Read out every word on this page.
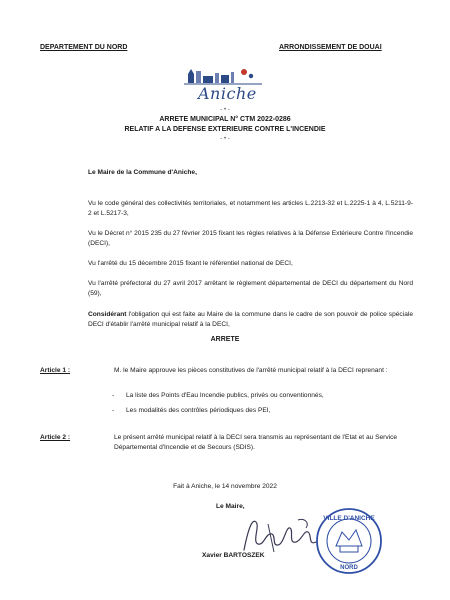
DEPARTEMENT DU NORD	ARRONDISSEMENT DE DOUAI
Aniche
- • -
ARRETE MUNICIPAL N° CTM 2022-0286
RELATIF A LA DEFENSE EXTERIEURE CONTRE L'INCENDIE
- • -
Le Maire de la Commune d'Aniche,
Vu le code général des collectivités territoriales, et notamment les articles L.2213-32 et L.2225-1 à 4, L.5211-9-2 et L.5217-3,
Vu le Décret n° 2015 235 du 27 février 2015 fixant les règles relatives à la Défense Extérieure Contre l'Incendie (DECI),
Vu l'arrêté du 15 décembre 2015 fixant le référentiel national de DECI,
Vu l'arrêté préfectoral du 27 avril 2017 arrêtant le règlement départemental de DECI du département du Nord (59),
Considérant l'obligation qui est faite au Maire de la commune dans le cadre de son pouvoir de police spéciale DECI d'établir l'arrêté municipal relatif à la DECI,
ARRETE
Article 1 :	M. le Maire approuve les pièces constitutives de l'arrêté municipal relatif à la DECI reprenant :
- La liste des Points d'Eau Incendie publics, privés ou conventionnés,
- Les modalités des contrôles périodiques des PEI,
Article 2 :	Le présent arrêté municipal relatif à la DECI sera transmis au représentant de l'Etat et au Service Départemental d'Incendie et de Secours (SDIS).
Fait à Aniche, le 14 novembre 2022
Le Maire,
VILLE D'ANICHE
NORD
Xavier BARTOSZEK
